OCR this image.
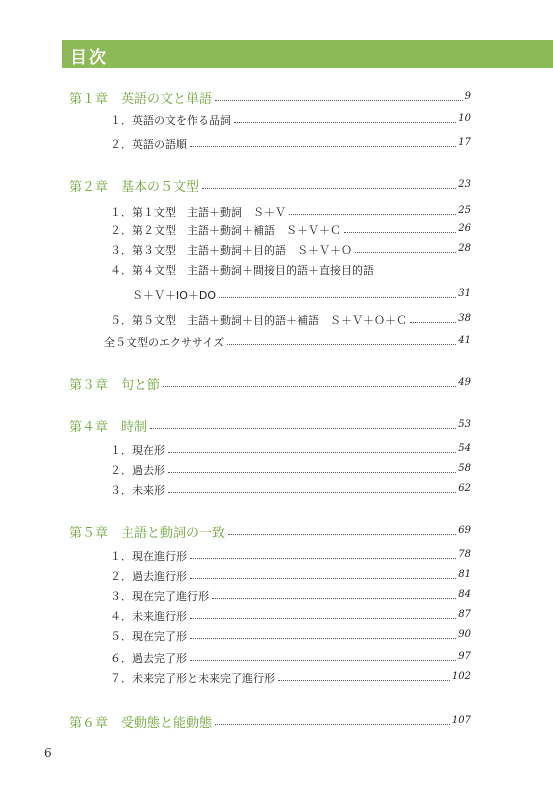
目次
第１章　英語の文と単語	9
１．英語の文を作る品詞	10
２．英語の語順	17
第２章　基本の５文型	23
１．第１文型　主語＋動詞　Ｓ＋Ｖ	25
２．第２文型　主語＋動詞＋補語　Ｓ＋Ｖ＋Ｃ	26
３．第３文型　主語＋動詞＋目的語　Ｓ＋Ｖ＋Ｏ	28
４．第４文型　主語＋動詞＋間接目的語＋直接目的語
Ｓ＋Ｖ＋IO＋DO	31
５．第５文型　主語＋動詞＋目的語＋補語　Ｓ＋Ｖ＋Ｏ＋Ｃ	38
全５文型のエクササイズ	41
第３章　句と節	49
第４章　時制	53
１．現在形	54
２．過去形	58
３．未来形	62
第５章　主語と動詞の一致	69
１．現在進行形	78
２．過去進行形	81
３．現在完了進行形	84
４．未来進行形	87
５．現在完了形	90
６．過去完了形	97
７．未来完了形と未来完了進行形	102
第６章　受動態と能動態	107
6
